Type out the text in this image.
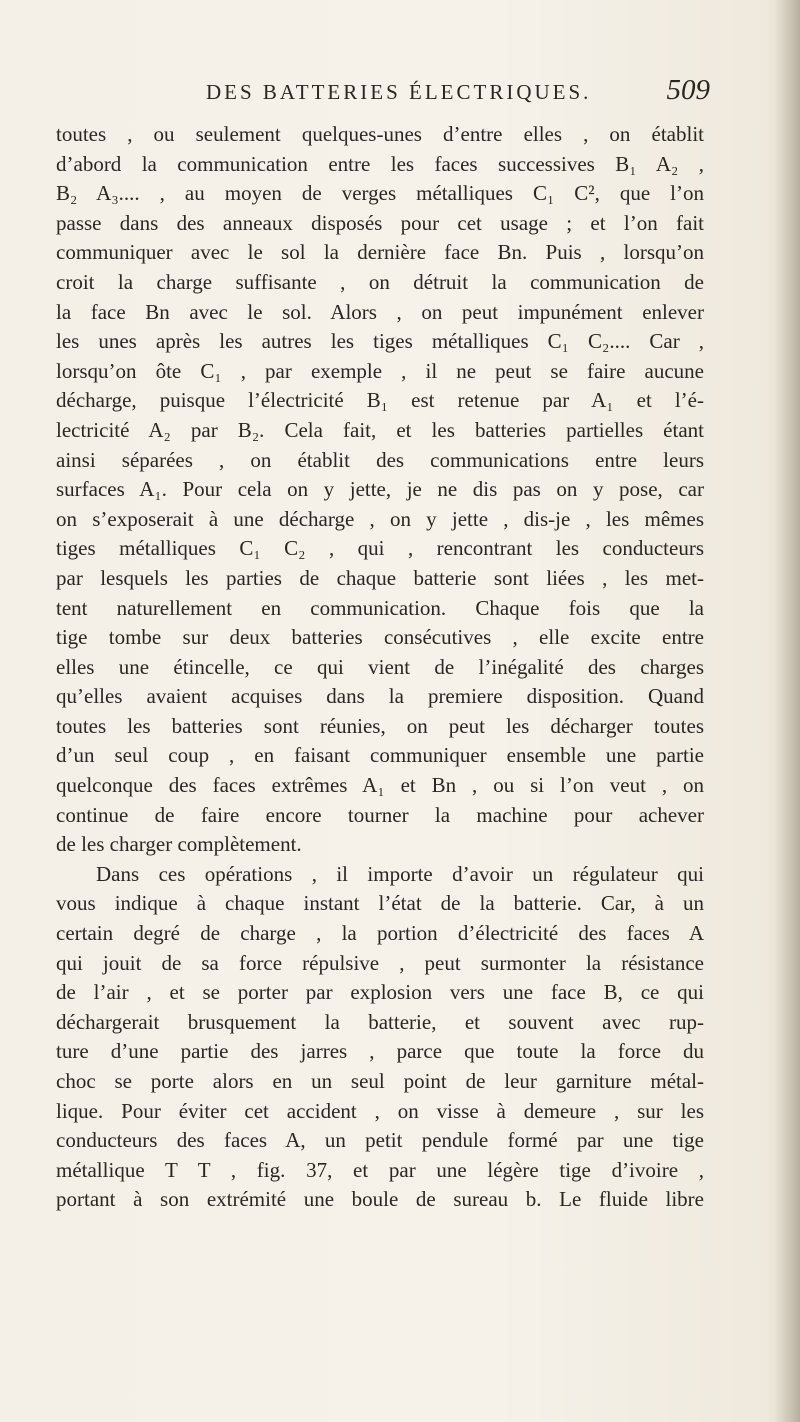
DES BATTERIES ÉLECTRIQUES.	509
toutes , ou seulement quelques-unes d’entre elles , on établit
d’abord la communication entre les faces successives B₁ A₂ ,
B₂ A₃.... , au moyen de verges métalliques C₁ C², que l’on
passe dans des anneaux disposés pour cet usage ; et l’on fait
communiquer avec le sol la dernière face Bn. Puis , lorsqu’on
croit la charge suffisante , on détruit la communication de
la face Bn avec le sol. Alors , on peut impunément enlever
les unes après les autres les tiges métalliques C₁ C₂.... Car ,
lorsqu’on ôte C₁ , par exemple , il ne peut se faire aucune
décharge, puisque l’électricité B₁ est retenue par A₁ et l’é-
lectricité A₂ par B₂. Cela fait, et les batteries partielles étant
ainsi séparées , on établit des communications entre leurs
surfaces A₁. Pour cela on y jette, je ne dis pas on y pose, car
on s’exposerait à une décharge , on y jette , dis-je , les mêmes
tiges métalliques C₁ C₂ , qui , rencontrant les conducteurs
par lesquels les parties de chaque batterie sont liées , les met-
tent naturellement en communication. Chaque fois que la
tige tombe sur deux batteries consécutives , elle excite entre
elles une étincelle, ce qui vient de l’inégalité des charges
qu’elles avaient acquises dans la premiere disposition. Quand
toutes les batteries sont réunies, on peut les décharger toutes
d’un seul coup , en faisant communiquer ensemble une partie
quelconque des faces extrêmes A₁ et Bn , ou si l’on veut , on
continue de faire encore tourner la machine pour achever
de les charger complètement.
Dans ces opérations , il importe d’avoir un régulateur qui
vous indique à chaque instant l’état de la batterie. Car, à un
certain degré de charge , la portion d’électricité des faces A
qui jouit de sa force répulsive , peut surmonter la résistance
de l’air , et se porter par explosion vers une face B, ce qui
déchargerait brusquement la batterie, et souvent avec rup-
ture d’une partie des jarres , parce que toute la force du
choc se porte alors en un seul point de leur garniture métal-
lique. Pour éviter cet accident , on visse à demeure , sur les
conducteurs des faces A, un petit pendule formé par une tige
métallique T T , fig. 37, et par une légère tige d’ivoire ,
portant à son extrémité une boule de sureau b. Le fluide libre
